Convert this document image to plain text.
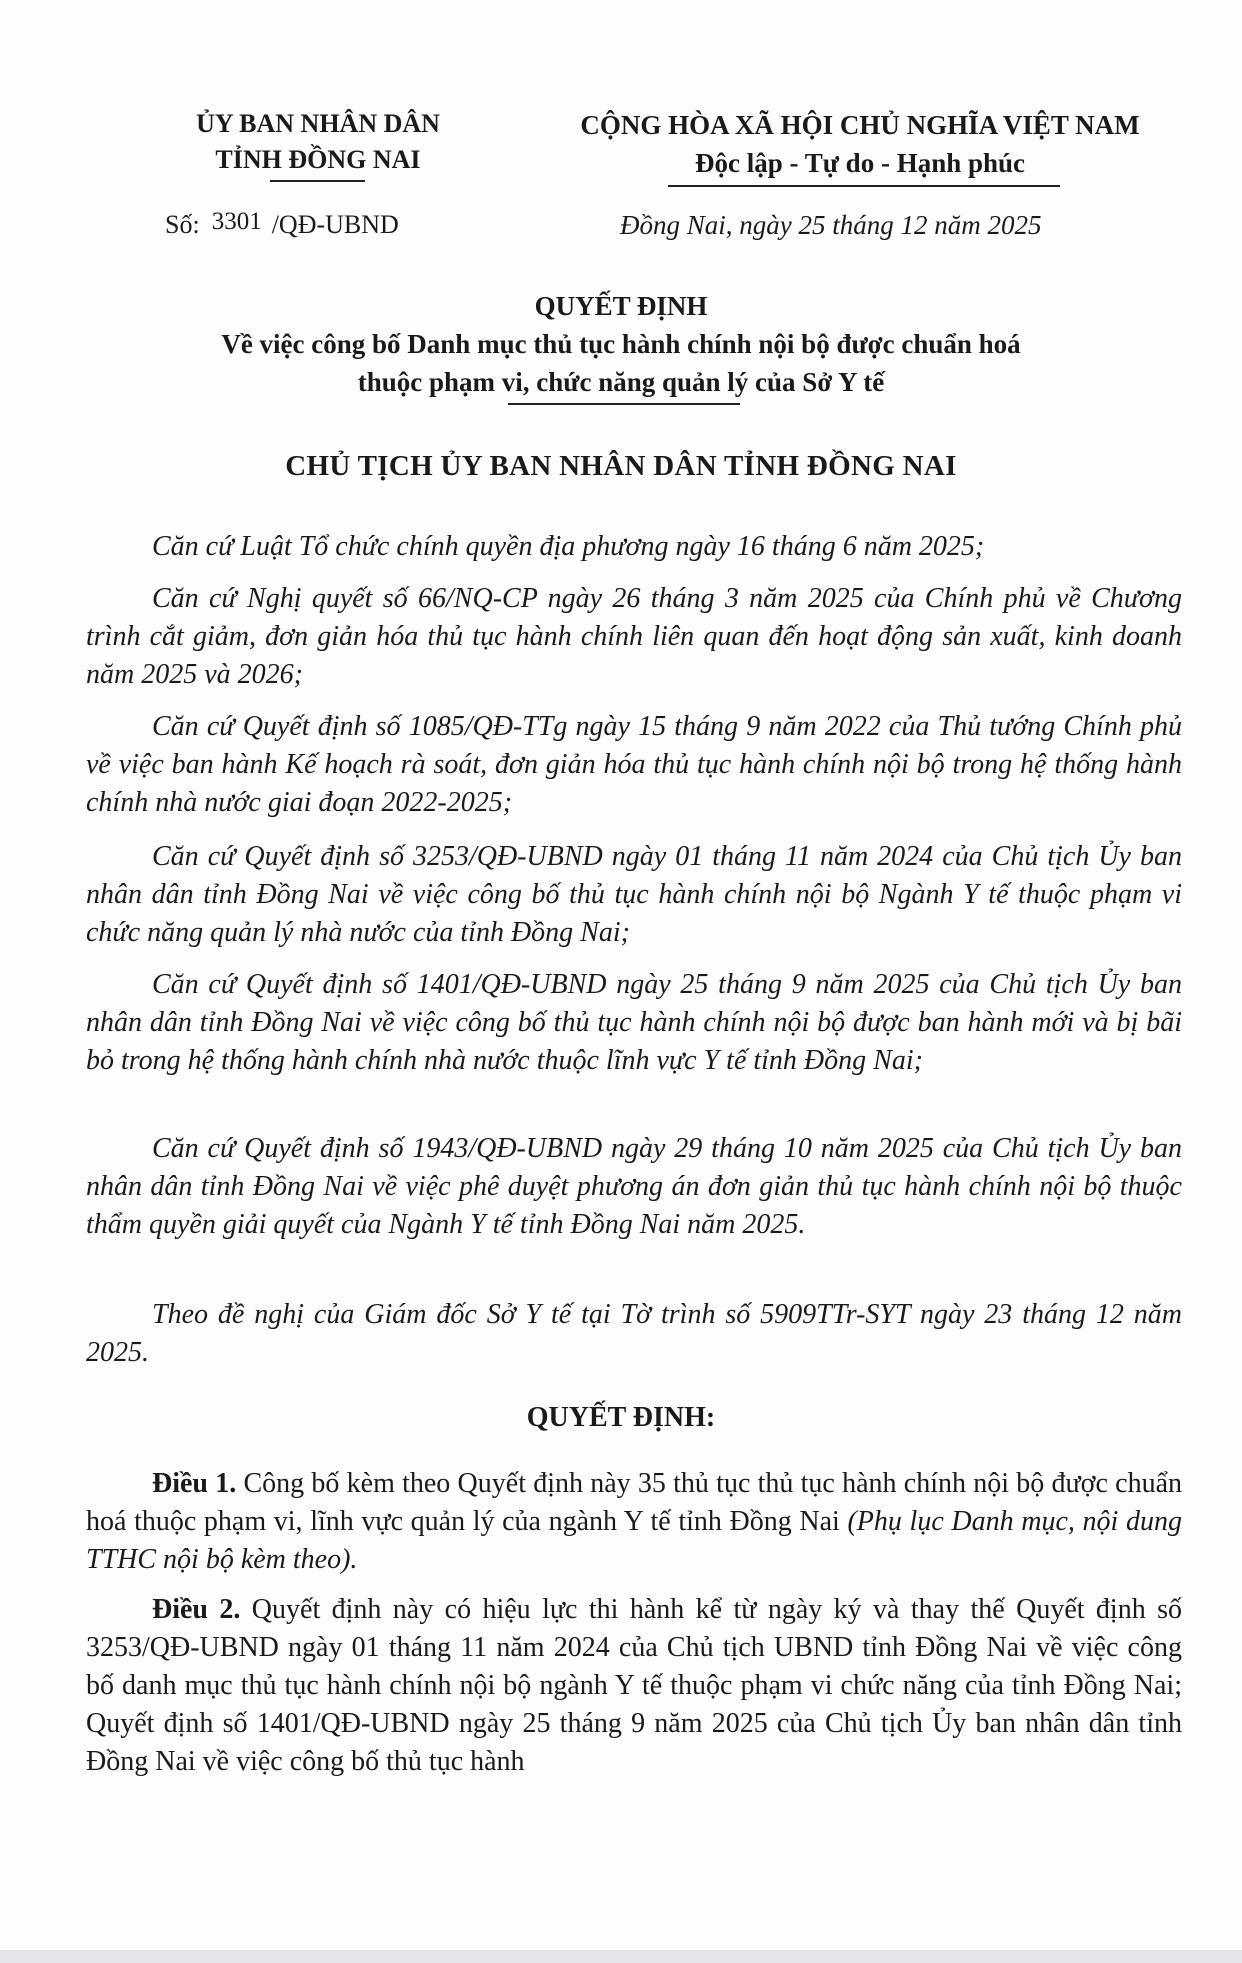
ỦY BAN NHÂN DÂN
TỈNH ĐỒNG NAI
CỘNG HÒA XÃ HỘI CHỦ NGHĨA VIỆT NAM
Độc lập - Tự do - Hạnh phúc
Số: 3301 /QĐ-UBND	Đồng Nai, ngày 25 tháng 12 năm 2025
QUYẾT ĐỊNH
Về việc công bố Danh mục thủ tục hành chính nội bộ được chuẩn hoá
thuộc phạm vi, chức năng quản lý của Sở Y tế
CHỦ TỊCH ỦY BAN NHÂN DÂN TỈNH ĐỒNG NAI

Căn cứ Luật Tổ chức chính quyền địa phương ngày 16 tháng 6 năm 2025;

Căn cứ Nghị quyết số 66/NQ-CP ngày 26 tháng 3 năm 2025 của Chính phủ về Chương trình cắt giảm, đơn giản hóa thủ tục hành chính liên quan đến hoạt động sản xuất, kinh doanh năm 2025 và 2026;

Căn cứ Quyết định số 1085/QĐ-TTg ngày 15 tháng 9 năm 2022 của Thủ tướng Chính phủ về việc ban hành Kế hoạch rà soát, đơn giản hóa thủ tục hành chính nội bộ trong hệ thống hành chính nhà nước giai đoạn 2022-2025;

Căn cứ Quyết định số 3253/QĐ-UBND ngày 01 tháng 11 năm 2024 của Chủ tịch Ủy ban nhân dân tỉnh Đồng Nai về việc công bố thủ tục hành chính nội bộ Ngành Y tế thuộc phạm vi chức năng quản lý nhà nước của tỉnh Đồng Nai;

Căn cứ Quyết định số 1401/QĐ-UBND ngày 25 tháng 9 năm 2025 của Chủ tịch Ủy ban nhân dân tỉnh Đồng Nai về việc công bố thủ tục hành chính nội bộ được ban hành mới và bị bãi bỏ trong hệ thống hành chính nhà nước thuộc lĩnh vực Y tế tỉnh Đồng Nai;

Căn cứ Quyết định số 1943/QĐ-UBND ngày 29 tháng 10 năm 2025 của Chủ tịch Ủy ban nhân dân tỉnh Đồng Nai về việc phê duyệt phương án đơn giản thủ tục hành chính nội bộ thuộc thẩm quyền giải quyết của Ngành Y tế tỉnh Đồng Nai năm 2025.

Theo đề nghị của Giám đốc Sở Y tế tại Tờ trình số 5909TTr-SYT ngày 23 tháng 12 năm 2025.

QUYẾT ĐỊNH:

Điều 1. Công bố kèm theo Quyết định này 35 thủ tục thủ tục hành chính nội bộ được chuẩn hoá thuộc phạm vi, lĩnh vực quản lý của ngành Y tế tỉnh Đồng Nai (Phụ lục Danh mục, nội dung TTHC nội bộ kèm theo).

Điều 2. Quyết định này có hiệu lực thi hành kể từ ngày ký và thay thế Quyết định số 3253/QĐ-UBND ngày 01 tháng 11 năm 2024 của Chủ tịch UBND tỉnh Đồng Nai về việc công bố danh mục thủ tục hành chính nội bộ ngành Y tế thuộc phạm vi chức năng của tỉnh Đồng Nai; Quyết định số 1401/QĐ-UBND ngày 25 tháng 9 năm 2025 của Chủ tịch Ủy ban nhân dân tỉnh Đồng Nai về việc công bố thủ tục hành
